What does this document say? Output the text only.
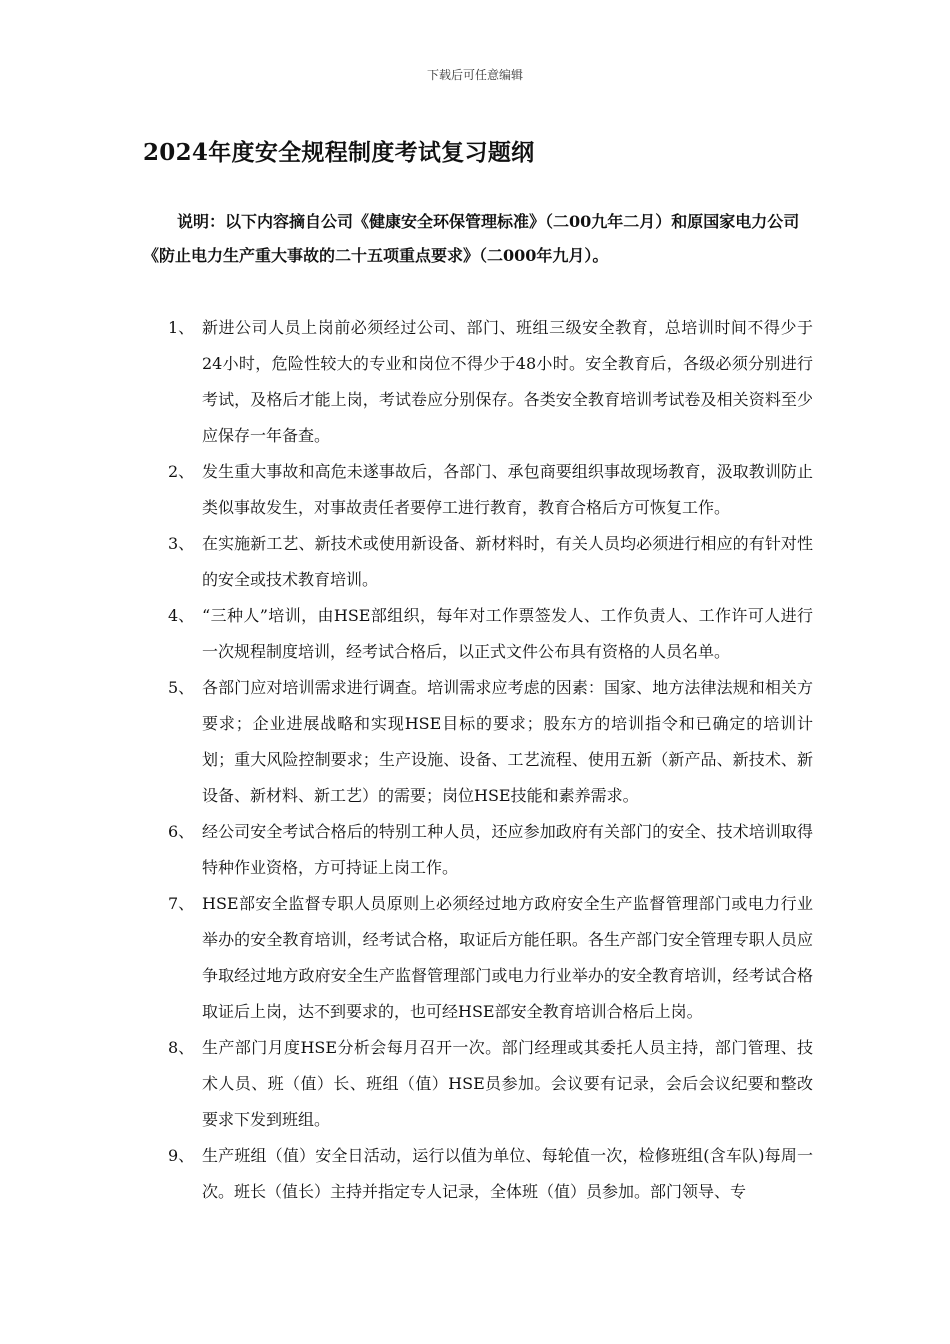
下载后可任意编辑
2024年度安全规程制度考试复习题纲
说明：以下内容摘自公司《健康安全环保管理标准》（二00九年二月）和原国家电力公司《防止电力生产重大事故的二十五项重点要求》（二000年九月）。
1、 新进公司人员上岗前必须经过公司、部门、班组三级安全教育，总培训时间不得少于24小时，危险性较大的专业和岗位不得少于48小时。安全教育后，各级必须分别进行考试，及格后才能上岗，考试卷应分别保存。各类安全教育培训考试卷及相关资料至少应保存一年备查。
2、 发生重大事故和高危未遂事故后，各部门、承包商要组织事故现场教育，汲取教训防止类似事故发生，对事故责任者要停工进行教育，教育合格后方可恢复工作。
3、 在实施新工艺、新技术或使用新设备、新材料时，有关人员均必须进行相应的有针对性的安全或技术教育培训。
4、 “三种人”培训，由HSE部组织，每年对工作票签发人、工作负责人、工作许可人进行一次规程制度培训，经考试合格后，以正式文件公布具有资格的人员名单。
5、 各部门应对培训需求进行调查。培训需求应考虑的因素：国家、地方法律法规和相关方要求；企业进展战略和实现HSE目标的要求；股东方的培训指令和已确定的培训计划；重大风险控制要求；生产设施、设备、工艺流程、使用五新（新产品、新技术、新设备、新材料、新工艺）的需要；岗位HSE技能和素养需求。
6、 经公司安全考试合格后的特别工种人员，还应参加政府有关部门的安全、技术培训取得特种作业资格，方可持证上岗工作。
7、 HSE部安全监督专职人员原则上必须经过地方政府安全生产监督管理部门或电力行业举办的安全教育培训，经考试合格，取证后方能任职。各生产部门安全管理专职人员应争取经过地方政府安全生产监督管理部门或电力行业举办的安全教育培训，经考试合格取证后上岗，达不到要求的，也可经HSE部安全教育培训合格后上岗。
8、 生产部门月度HSE分析会每月召开一次。部门经理或其委托人员主持，部门管理、技术人员、班（值）长、班组（值）HSE员参加。会议要有记录，会后会议纪要和整改要求下发到班组。
9、 生产班组（值）安全日活动，运行以值为单位、每轮值一次，检修班组(含车队)每周一次。班长（值长）主持并指定专人记录，全体班（值）员参加。部门领导、专
